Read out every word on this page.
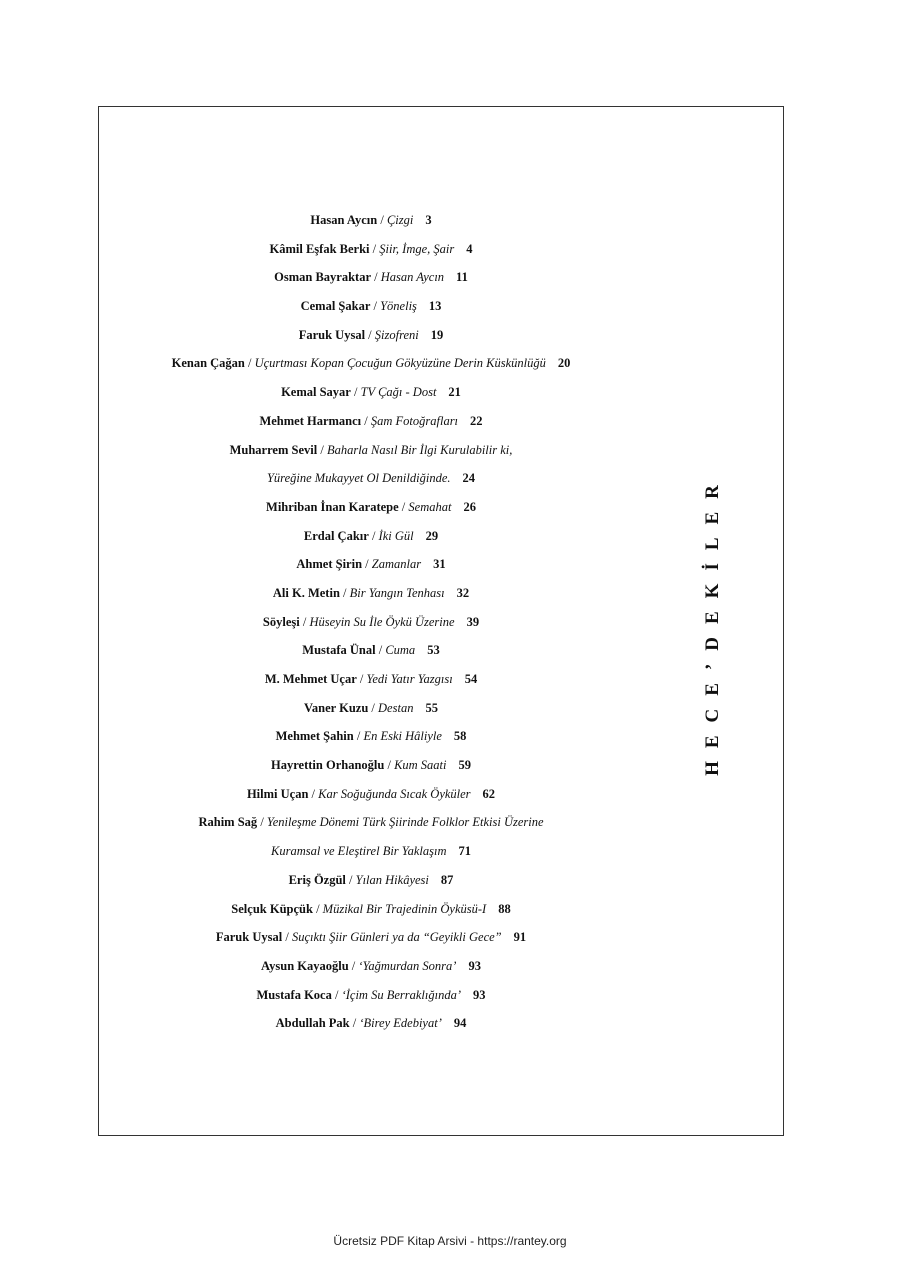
Hasan Aycın / Çizgi 3
Kâmil Eşfak Berki / Şiir, İmge, Şair 4
Osman Bayraktar / Hasan Aycın 11
Cemal Şakar / Yöneliş 13
Faruk Uysal / Şizofreni 19
Kenan Çağan / Uçurtması Kopan Çocuğun Gökyüzüne Derin Küskünlüğü 20
Kemal Sayar / TV Çağı - Dost 21
Mehmet Harmancı / Şam Fotoğrafları 22
Muharrem Sevil / Baharla Nasıl Bir İlgi Kurulabilir ki,
Yüreğine Mukayyet Ol Denildiğinde. 24
Mihriban İnan Karatepe / Semahat 26
Erdal Çakır / İki Gül 29
Ahmet Şirin / Zamanlar 31
Ali K. Metin / Bir Yangın Tenhası 32
Söyleşi / Hüseyin Su İle Öykü Üzerine 39
Mustafa Ünal / Cuma 53
M. Mehmet Uçar / Yedi Yatır Yazgısı 54
Vaner Kuzu / Destan 55
Mehmet Şahin / En Eski Hâliyle 58
Hayrettin Orhanoğlu / Kum Saati 59
Hilmi Uçan / Kar Soğuğunda Sıcak Öyküler 62
Rahim Sağ / Yenileşme Dönemi Türk Şiirinde Folklor Etkisi Üzerine
Kuramsal ve Eleştirel Bir Yaklaşım 71
Eriş Özgül / Yılan Hikâyesi 87
Selçuk Küpçük / Müzikal Bir Trajedinin Öyküsü-I 88
Faruk Uysal / Suçıktı Şiir Günleri ya da “Geyikli Gece” 91
Aysun Kayaoğlu / ‘Yağmurdan Sonra’ 93
Mustafa Koca / ‘İçim Su Berraklığında’ 93
Abdullah Pak / ‘Birey Edebiyat’ 94
HECE’DEKİLER
Ücretsiz PDF Kitap Arsivi - https://rantey.org
